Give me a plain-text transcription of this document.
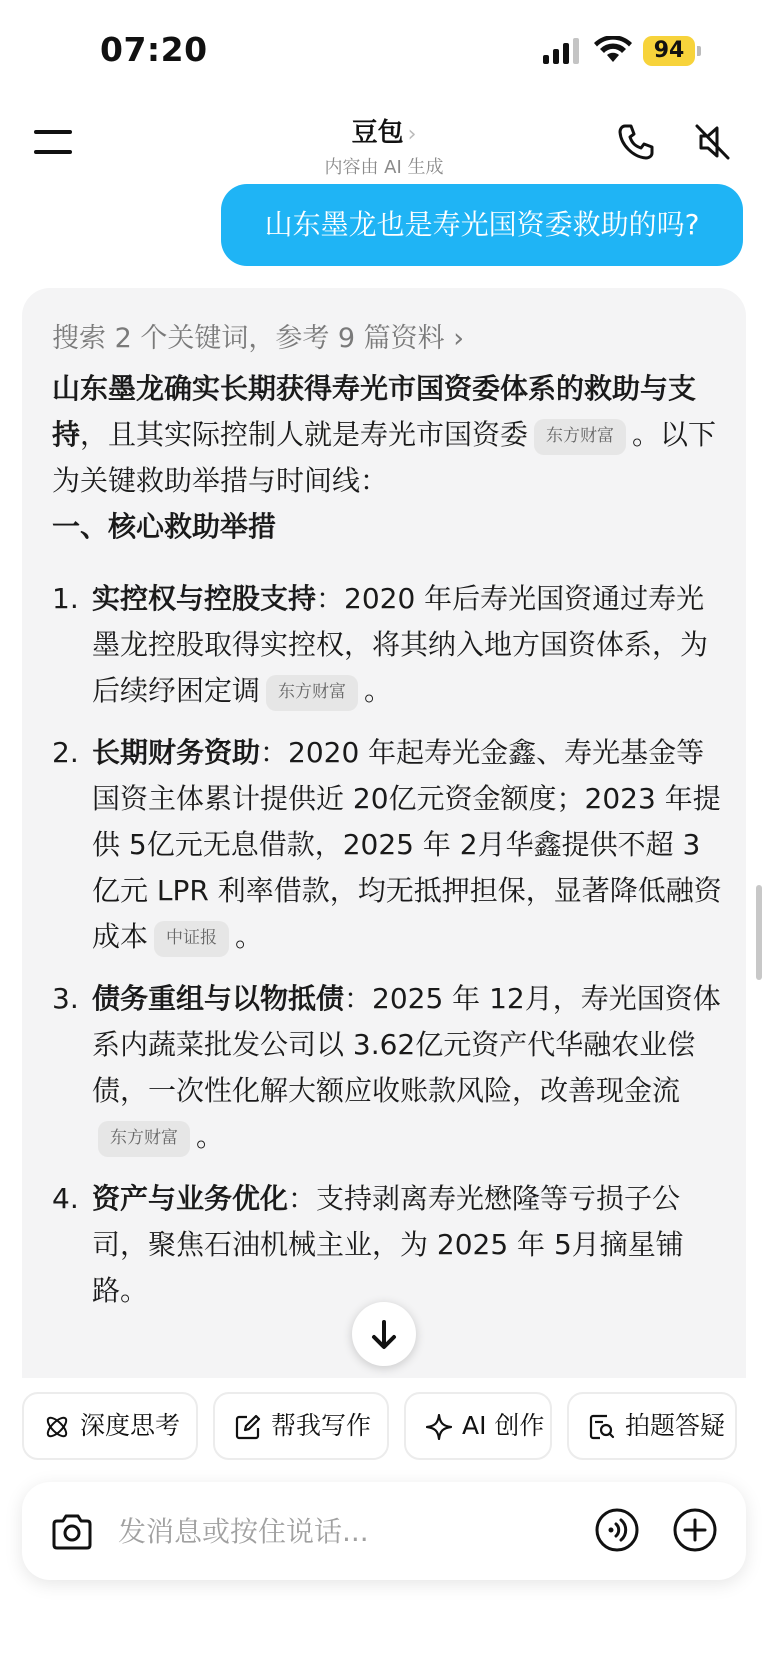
07:20	94
豆包 ›
内容由 AI 生成
山东墨龙也是寿光国资委救助的吗?
搜索 2 个关键词，参考 9 篇资料 ›

山东墨龙确实长期获得寿光市国资委体系的救助与支持，且其实际控制人就是寿光市国资委 东方财富 。以下为关键救助举措与时间线：

一、核心救助举措

1. 实控权与控股支持：2020 年后寿光国资通过寿光墨龙控股取得实控权，将其纳入地方国资体系，为后续纾困定调 东方财富 。
2. 长期财务资助：2020 年起寿光金鑫、寿光基金等国资主体累计提供近 20亿元资金额度；2023 年提供 5亿元无息借款，2025 年 2月华鑫提供不超 3亿元 LPR 利率借款，均无抵押担保，显著降低融资成本 中证报 。
3. 债务重组与以物抵债：2025 年 12月，寿光国资体系内蔬菜批发公司以 3.62亿元资产代华融农业偿债，一次性化解大额应收账款风险，改善现金流东方财富 。
4. 资产与业务优化：支持剥离寿光懋隆等亏损子公司，聚焦石油机械主业，为 2025 年 5月摘星铺路。
深度思考	帮我写作	AI 创作	拍题答疑
发消息或按住说话...
